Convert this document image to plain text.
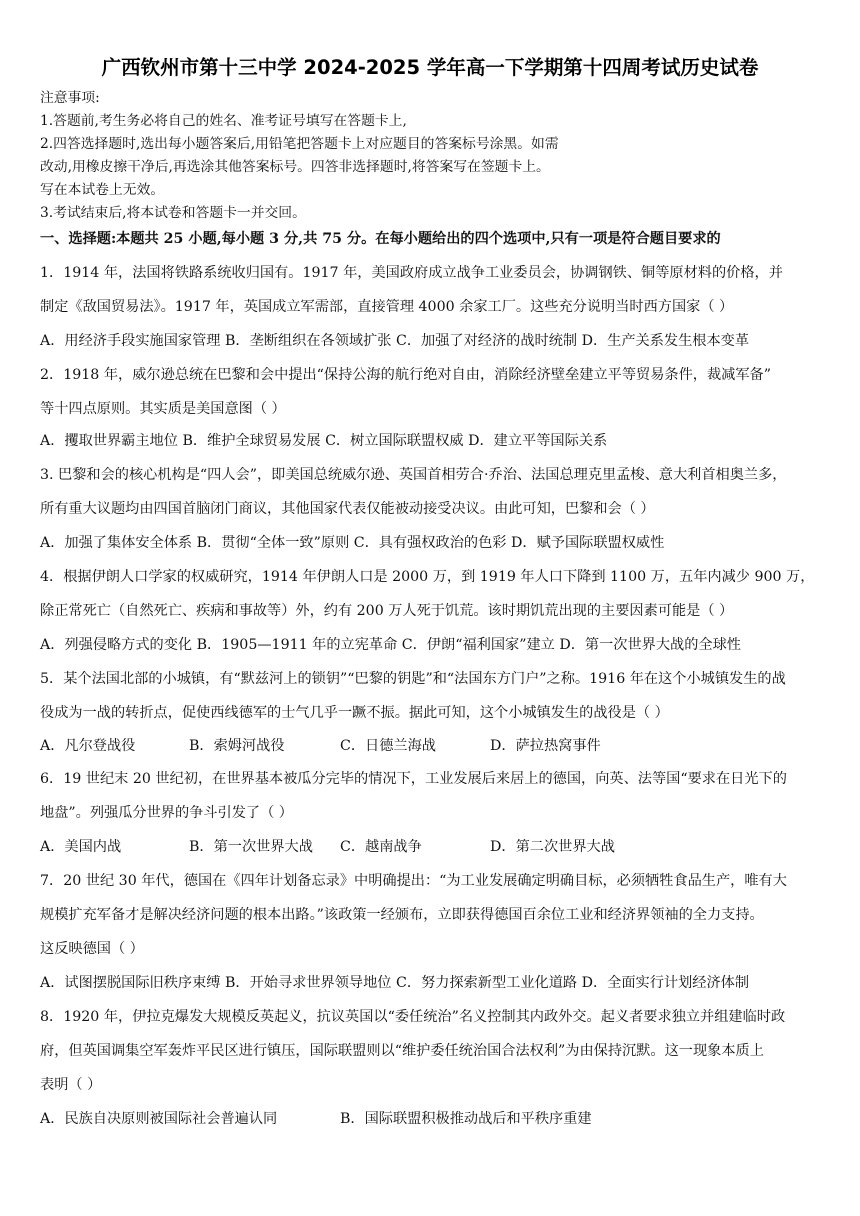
广西钦州市第十三中学 2024-2025 学年高一下学期第十四周考试历史试卷
注意事项:
1.答题前,考生务必将自己的姓名、准考证号填写在答题卡上,
2.四答选择题时,选出每小题答案后,用铅笔把答题卡上对应题目的答案标号涂黑。如需
改动,用橡皮擦干净后,再选涂其他答案标号。四答非选择题时,将答案写在签题卡上。
写在本试卷上无效。
3.考试结束后,将本试卷和答题卡一并交回。
一、选择题:本题共 25 小题,每小题 3 分,共 75 分。在每小题给出的四个选项中,只有一项是符合题目要求的
1．1914 年，法国将铁路系统收归国有。1917 年，美国政府成立战争工业委员会，协调钢铁、铜等原材料的价格，并
制定《敌国贸易法》。1917 年，英国成立军需部，直接管理 4000 余家工厂。这些充分说明当时西方国家（ ）
A．用经济手段实施国家管理 B．垄断组织在各领域扩张 C．加强了对经济的战时统制 D．生产关系发生根本变革
2．1918 年，威尔逊总统在巴黎和会中提出“保持公海的航行绝对自由，消除经济壁垒建立平等贸易条件，裁减军备”
等十四点原则。其实质是美国意图（ ）
A．攫取世界霸主地位 B．维护全球贸易发展 C．树立国际联盟权威 D．建立平等国际关系
3. 巴黎和会的核心机构是“四人会”，即美国总统威尔逊、英国首相劳合·乔治、法国总理克里孟梭、意大利首相奥兰多，
所有重大议题均由四国首脑闭门商议，其他国家代表仅能被动接受决议。由此可知，巴黎和会（ ）
A．加强了集体安全体系 B．贯彻“全体一致”原则 C．具有强权政治的色彩 D．赋予国际联盟权威性
4．根据伊朗人口学家的权威研究，1914 年伊朗人口是 2000 万，到 1919 年人口下降到 1100 万，五年内减少 900 万，
除正常死亡（自然死亡、疾病和事故等）外，约有 200 万人死于饥荒。该时期饥荒出现的主要因素可能是（ ）
A．列强侵略方式的变化 B．1905—1911 年的立宪革命 C．伊朗“福利国家”建立 D．第一次世界大战的全球性
5．某个法国北部的小城镇，有“默兹河上的锁钥”“巴黎的钥匙”和“法国东方门户”之称。1916 年在这个小城镇发生的战
役成为一战的转折点，促使西线德军的士气几乎一蹶不振。据此可知，这个小城镇发生的战役是（ ）
A．凡尔登战役	B．索姆河战役	C．日德兰海战	D．萨拉热窝事件
6．19 世纪末 20 世纪初，在世界基本被瓜分完毕的情况下，工业发展后来居上的德国，向英、法等国“要求在日光下的
地盘”。列强瓜分世界的争斗引发了（ ）
A．美国内战	B．第一次世界大战 C．越南战争	D．第二次世界大战
7．20 世纪 30 年代，德国在《四年计划备忘录》中明确提出：“为工业发展确定明确目标，必须牺牲食品生产，唯有大
规模扩充军备才是解决经济问题的根本出路。”该政策一经颁布，立即获得德国百余位工业和经济界领袖的全力支持。
这反映德国（ ）
A．试图摆脱国际旧秩序束缚 B．开始寻求世界领导地位 C．努力探索新型工业化道路 D．全面实行计划经济体制
8．1920 年，伊拉克爆发大规模反英起义，抗议英国以“委任统治”名义控制其内政外交。起义者要求独立并组建临时政
府，但英国调集空军轰炸平民区进行镇压，国际联盟则以“维护委任统治国合法权利”为由保持沉默。这一现象本质上
表明（ ）
A．民族自决原则被国际社会普遍认同	B．国际联盟积极推动战后和平秩序重建
